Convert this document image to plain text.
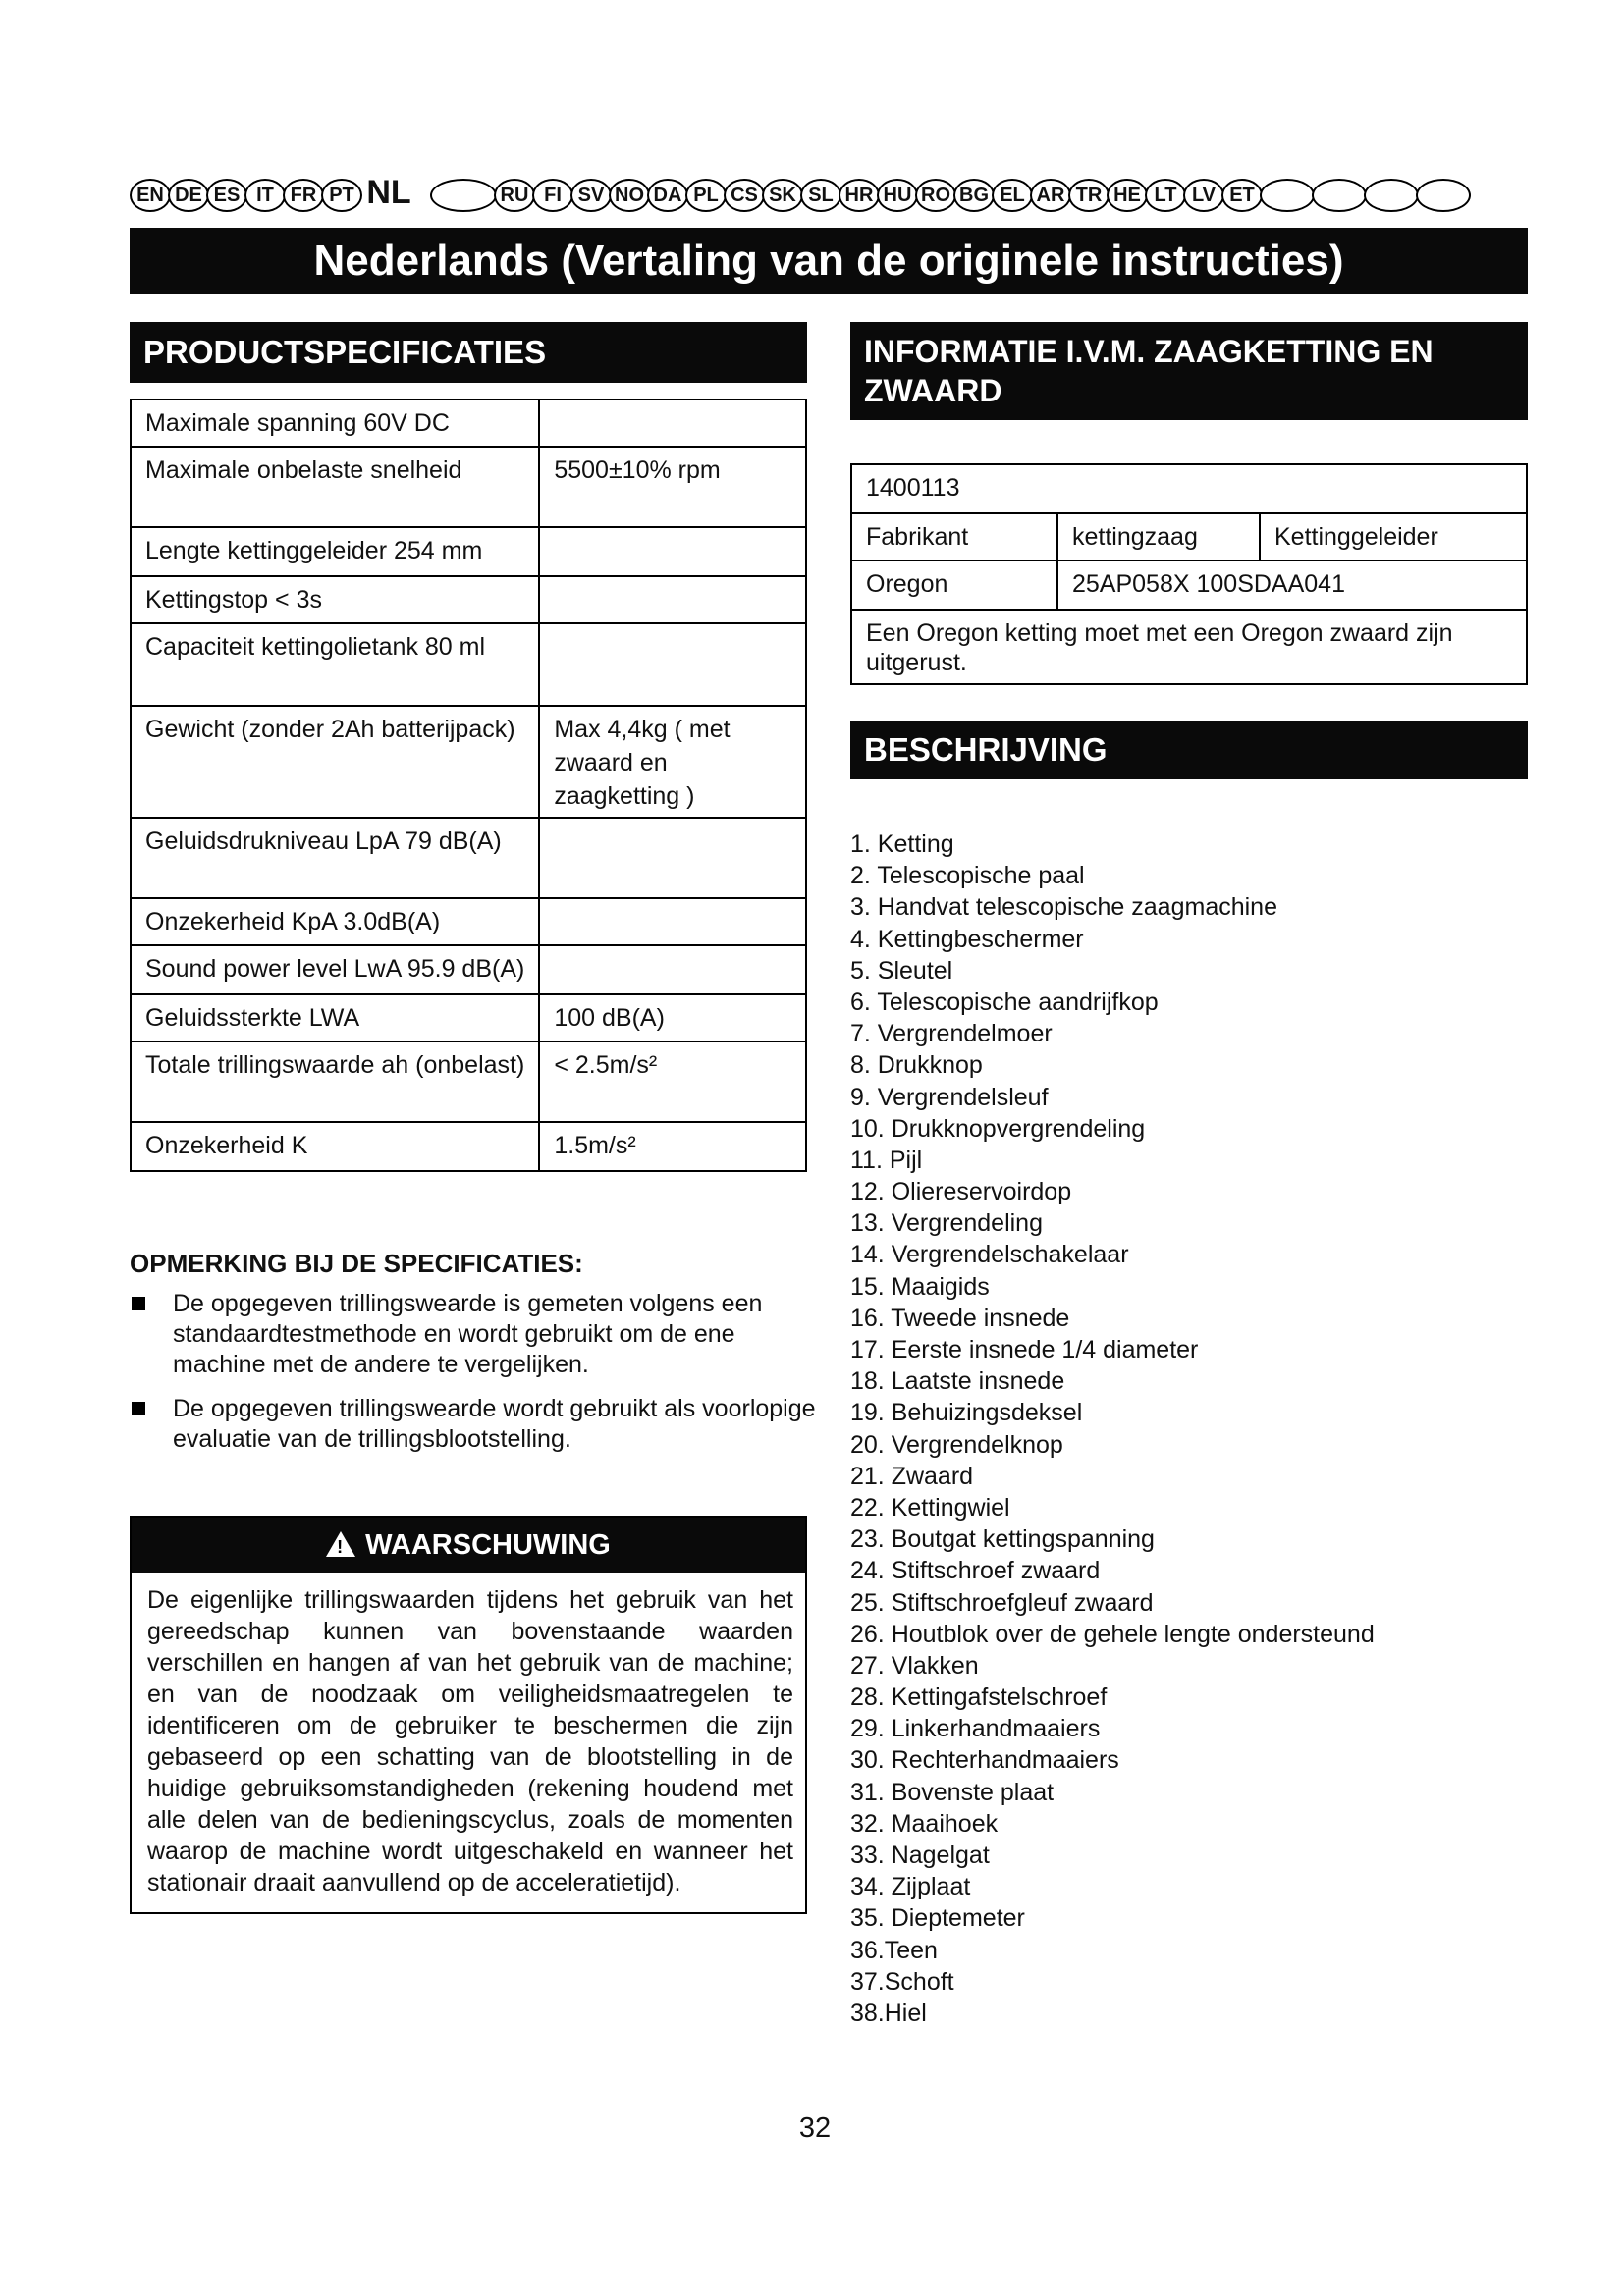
EN DE ES IT FR PT NL	RU FI SV NO DA PL CS SK SL HR HU RO BG EL AR TR HE LT LV ET
Nederlands (Vertaling van de originele instructies)
PRODUCTSPECIFICATIES
Maximale spanning 60V DC	
Maximale onbelaste snelheid	5500±10% rpm
Lengte kettinggeleider 254 mm	
Kettingstop < 3s	
Capaciteit kettingolietank 80 ml	
Gewicht (zonder 2Ah batterijpack)	Max 4,4kg ( met zwaard en zaagketting )
Geluidsdrukniveau LpA 79 dB(A)	
Onzekerheid KpA 3.0dB(A)	
Sound power level LwA 95.9 dB(A)	
Geluidssterkte LWA	100 dB(A)
Totale trillingswaarde ah (onbelast)	< 2.5m/s²
Onzekerheid K	1.5m/s²
OPMERKING BIJ DE SPECIFICATIES:
De opgegeven trillingswearde is gemeten volgens een standaardtestmethode en wordt gebruikt om de ene machine met de andere te vergelijken.
De opgegeven trillingswearde wordt gebruikt als voorlopige evaluatie van de trillingsblootstelling.
! WAARSCHUWING
De eigenlijke trillingswaarden tijdens het gebruik van het gereedschap kunnen van bovenstaande waarden verschillen en hangen af van het gebruik van de machine; en van de noodzaak om veiligheidsmaatregelen te identificeren om de gebruiker te beschermen die zijn gebaseerd op een schatting van de blootstelling in de huidige gebruiksomstandigheden (rekening houdend met alle delen van de bedieningscyclus, zoals de momenten waarop de machine wordt uitgeschakeld en wanneer het stationair draait aanvullend op de acceleratietijd).
INFORMATIE I.V.M. ZAAGKETTING EN ZWAARD
1400113		
Fabrikant	kettingzaag	Kettinggeleider
Oregon	25AP058X 100SDAA041	
Een Oregon ketting moet met een Oregon zwaard zijn uitgerust.		
BESCHRIJVING
1. Ketting
2. Telescopische paal
3. Handvat telescopische zaagmachine
4. Kettingbeschermer
5. Sleutel
6. Telescopische aandrijfkop
7. Vergrendelmoer
8. Drukknop
9. Vergrendelsleuf
10. Drukknopvergrendeling
11. Pijl
12. Oliereservoirdop
13. Vergrendeling
14. Vergrendelschakelaar
15. Maaigids
16. Tweede insnede
17. Eerste insnede 1/4 diameter
18. Laatste insnede
19. Behuizingsdeksel
20. Vergrendelknop
21. Zwaard
22. Kettingwiel
23. Boutgat kettingspanning
24. Stiftschroef zwaard
25. Stiftschroefgleuf zwaard
26. Houtblok over de gehele lengte ondersteund
27. Vlakken
28. Kettingafstelschroef
29. Linkerhandmaaiers
30. Rechterhandmaaiers
31. Bovenste plaat
32. Maaihoek
33. Nagelgat
34. Zijplaat
35. Dieptemeter
36.Teen
37.Schoft
38.Hiel
32
